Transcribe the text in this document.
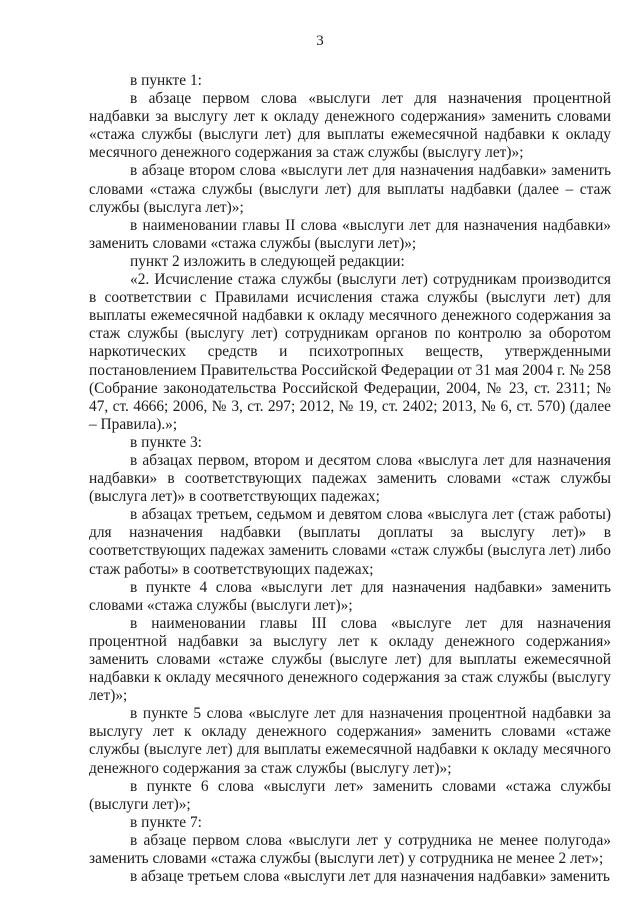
3

в пункте 1:

в абзаце первом слова «выслуги лет для назначения процентной надбавки за выслугу лет к окладу денежного содержания» заменить словами «стажа службы (выслуги лет) для выплаты ежемесячной надбавки к окладу месячного денежного содержания за стаж службы (выслугу лет)»;

в абзаце втором слова «выслуги лет для назначения надбавки» заменить словами «стажа службы (выслуги лет) для выплаты надбавки (далее – стаж службы (выслуга лет)»;

в наименовании главы II слова «выслуги лет для назначения надбавки» заменить словами «стажа службы (выслуги лет)»;

пункт 2 изложить в следующей редакции:

«2. Исчисление стажа службы (выслуги лет) сотрудникам производится в соответствии с Правилами исчисления стажа службы (выслуги лет) для выплаты ежемесячной надбавки к окладу месячного денежного содержания за стаж службы (выслугу лет) сотрудникам органов по контролю за оборотом наркотических средств и психотропных веществ, утвержденными постановлением Правительства Российской Федерации от 31 мая 2004 г. № 258 (Собрание законодательства Российской Федерации, 2004, № 23, ст. 2311; № 47, ст. 4666; 2006, № 3, ст. 297; 2012, № 19, ст. 2402; 2013, № 6, ст. 570) (далее – Правила).»;

в пункте 3:

в абзацах первом, втором и десятом слова «выслуга лет для назначения надбавки» в соответствующих падежах заменить словами «стаж службы (выслуга лет)» в соответствующих падежах;

в абзацах третьем, седьмом и девятом слова «выслуга лет (стаж работы) для назначения надбавки (выплаты доплаты за выслугу лет)» в соответствующих падежах заменить словами «стаж службы (выслуга лет) либо стаж работы» в соответствующих падежах;

в пункте 4 слова «выслуги лет для назначения надбавки» заменить словами «стажа службы (выслуги лет)»;

в наименовании главы III слова «выслуге лет для назначения процентной надбавки за выслугу лет к окладу денежного содержания» заменить словами «стаже службы (выслуге лет) для выплаты ежемесячной надбавки к окладу месячного денежного содержания за стаж службы (выслугу лет)»;

в пункте 5 слова «выслуге лет для назначения процентной надбавки за выслугу лет к окладу денежного содержания» заменить словами «стаже службы (выслуге лет) для выплаты ежемесячной надбавки к окладу месячного денежного содержания за стаж службы (выслугу лет)»;

в пункте 6 слова «выслуги лет» заменить словами «стажа службы (выслуги лет)»;

в пункте 7:

в абзаце первом слова «выслуги лет у сотрудника не менее полугода» заменить словами «стажа службы (выслуги лет) у сотрудника не менее 2 лет»;

в абзаце третьем слова «выслуги лет для назначения надбавки» заменить
